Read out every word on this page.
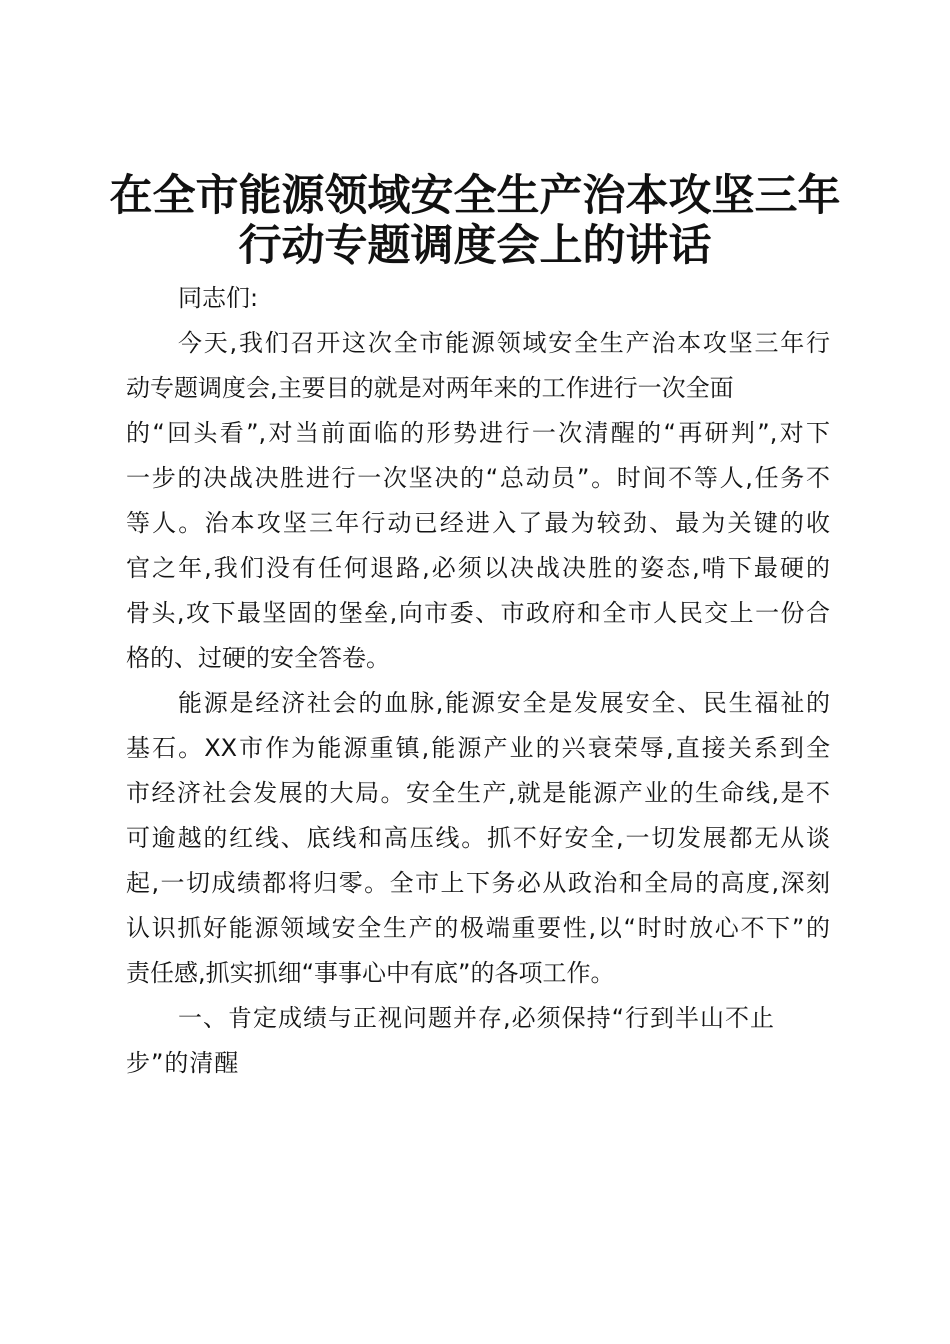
在全市能源领域安全生产治本攻坚三年
行动专题调度会上的讲话
同志们:
今天,我们召开这次全市能源领域安全生产治本攻坚三年行
动专题调度会,主要目的就是对两年来的工作进行一次全面
的“回头看”,对当前面临的形势进行一次清醒的“再研判”,对下
一步的决战决胜进行一次坚决的“总动员”。时间不等人,任务不
等人。治本攻坚三年行动已经进入了最为较劲、最为关键的收
官之年,我们没有任何退路,必须以决战决胜的姿态,啃下最硬的
骨头,攻下最坚固的堡垒,向市委、市政府和全市人民交上一份合
格的、过硬的安全答卷。
能源是经济社会的血脉,能源安全是发展安全、民生福祉的
基石。XX市作为能源重镇,能源产业的兴衰荣辱,直接关系到全
市经济社会发展的大局。安全生产,就是能源产业的生命线,是不
可逾越的红线、底线和高压线。抓不好安全,一切发展都无从谈
起,一切成绩都将归零。全市上下务必从政治和全局的高度,深刻
认识抓好能源领域安全生产的极端重要性,以“时时放心不下”的
责任感,抓实抓细“事事心中有底”的各项工作。
一、肯定成绩与正视问题并存,必须保持“行到半山不止
步”的清醒
